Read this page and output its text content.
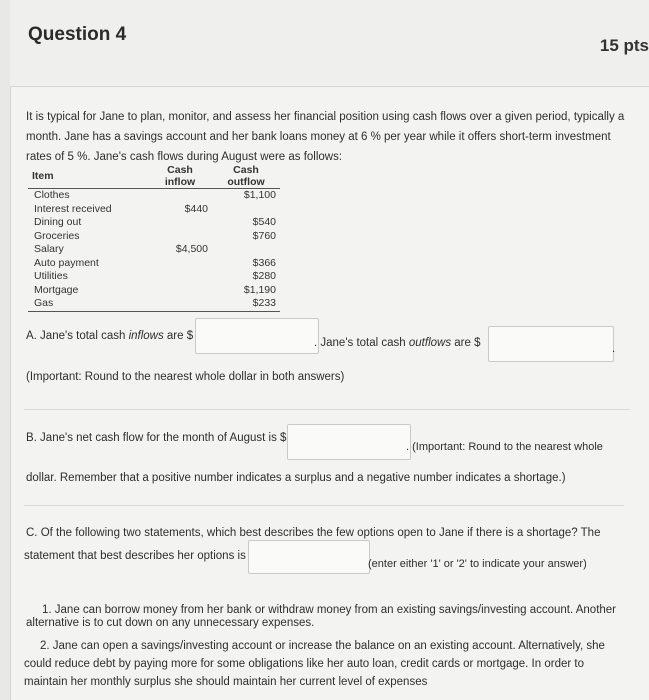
Question 4
15 pts
It is typical for Jane to plan, monitor, and assess her financial position using cash flows over a given period, typically a
month. Jane has a savings account and her bank loans money at 6 % per year while it offers short-term investment
rates of 5 %. Jane's cash flows during August were as follows:
Item	Cash inflow	Cash outflow
Clothes		$1,100
Interest received	$440	
Dining out		$540
Groceries		$760
Salary	$4,500	
Auto payment		$366
Utilities		$280
Mortgage		$1,190
Gas		$233
A. Jane's total cash inflows are $
. Jane's total cash outflows are $	.
(Important: Round to the nearest whole dollar in both answers)
B. Jane's net cash flow for the month of August is $
. (Important: Round to the nearest whole
dollar. Remember that a positive number indicates a surplus and a negative number indicates a shortage.)
C. Of the following two statements, which best describes the few options open to Jane if there is a shortage? The
statement that best describes her options is
(enter either '1' or '2' to indicate your answer)
1. Jane can borrow money from her bank or withdraw money from an existing savings/investing account. Another
alternative is to cut down on any unnecessary expenses.
2. Jane can open a savings/investing account or increase the balance on an existing account. Alternatively, she
could reduce debt by paying more for some obligations like her auto loan, credit cards or mortgage. In order to
maintain her monthly surplus she should maintain her current level of expenses
